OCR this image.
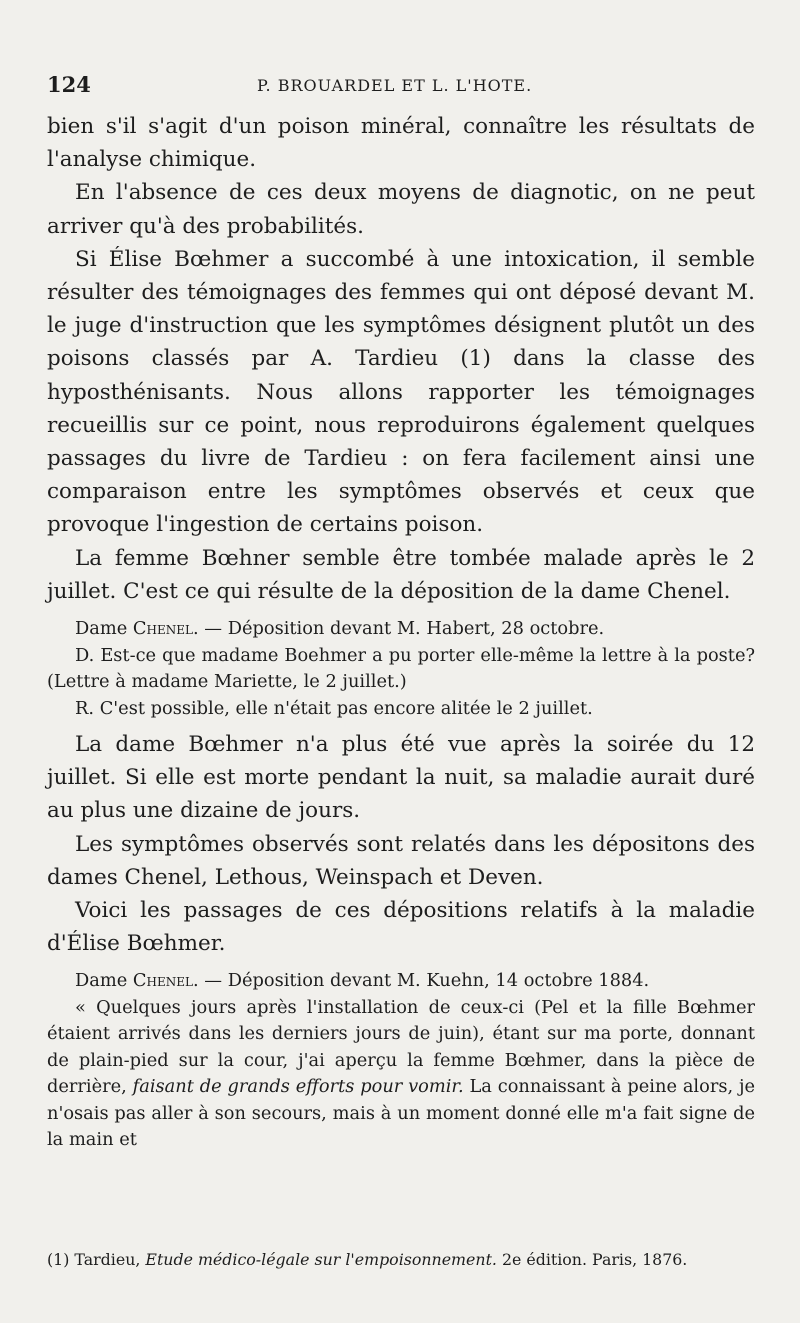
124	P. BROUARDEL ET L. L'HOTE.

bien s'il s'agit d'un poison minéral, connaître les résultats de l'analyse chimique.

En l'absence de ces deux moyens de diagnotic, on ne peut arriver qu'à des probabilités.

Si Élise Bœhmer a succombé à une intoxication, il semble résulter des témoignages des femmes qui ont déposé devant M. le juge d'instruction que les symptômes désignent plutôt un des poisons classés par A. Tardieu (1) dans la classe des hyposthénisants. Nous allons rapporter les témoignages recueillis sur ce point, nous reproduirons également quelques passages du livre de Tardieu : on fera facilement ainsi une comparaison entre les symptômes observés et ceux que provoque l'ingestion de certains poison.

La femme Bœhner semble être tombée malade après le 2 juillet. C'est ce qui résulte de la déposition de la dame Chenel.

Dame Chenel. — Déposition devant M. Habert, 28 octobre.

D. Est-ce que madame Boehmer a pu porter elle-même la lettre à la poste? (Lettre à madame Mariette, le 2 juillet.)

R. C'est possible, elle n'était pas encore alitée le 2 juillet.

La dame Bœhmer n'a plus été vue après la soirée du 12 juillet. Si elle est morte pendant la nuit, sa maladie aurait duré au plus une dizaine de jours.

Les symptômes observés sont relatés dans les dépositons des dames Chenel, Lethous, Weinspach et Deven.

Voici les passages de ces dépositions relatifs à la maladie d'Élise Bœhmer.

Dame Chenel. — Déposition devant M. Kuehn, 14 octobre 1884.

« Quelques jours après l'installation de ceux-ci (Pel et la fille Bœhmer étaient arrivés dans les derniers jours de juin), étant sur ma porte, donnant de plain-pied sur la cour, j'ai aperçu la femme Bœhmer, dans la pièce de derrière, faisant de grands efforts pour vomir. La connaissant à peine alors, je n'osais pas aller à son secours, mais à un moment donné elle m'a fait signe de la main et

(1) Tardieu, Etude médico-légale sur l'empoisonnement. 2e édition. Paris, 1876.
